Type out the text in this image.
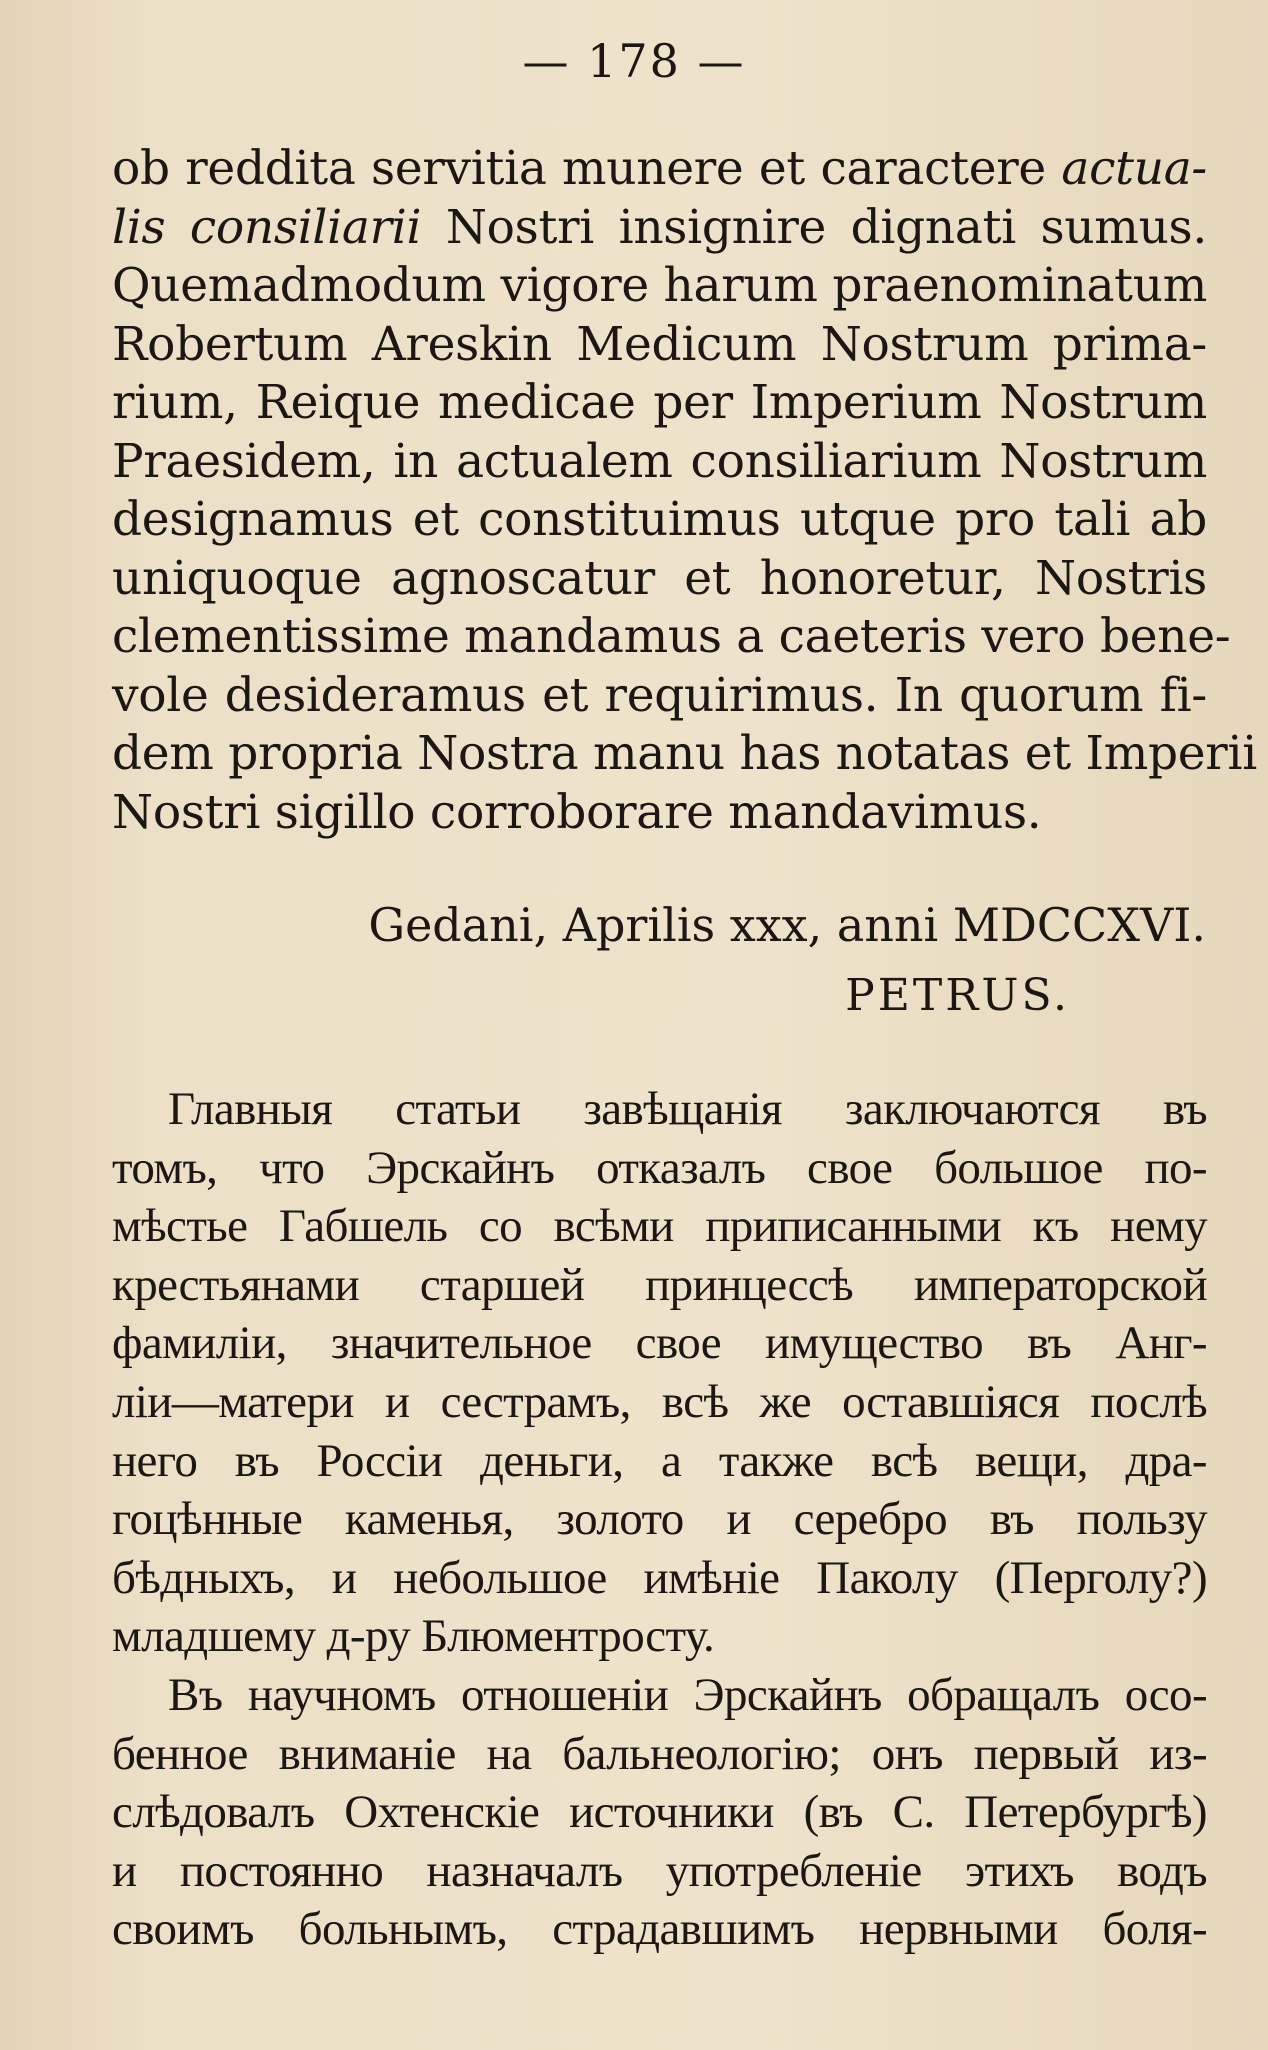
— 178 —
ob reddita servitia munere et caractere actua-
lis consiliarii Nostri insignire dignati sumus.
Quemadmodum vigore harum praenominatum
Robertum Areskin Medicum Nostrum prima-
rium, Reique medicae per Imperium Nostrum
Praesidem, in actualem consiliarium Nostrum
designamus et constituimus utque pro tali ab
uniquoque agnoscatur et honoretur, Nostris
clementissime mandamus a caeteris vero bene-
vole desideramus et requirimus. In quorum fi-
dem propria Nostra manu has notatas et Imperii
Nostri sigillo corroborare mandavimus.
Gedani, Aprilis xxx, anni MDCCXVI.
PETRUS.
Главныя статьи завѣщанія заключаются въ
томъ, что Эрскайнъ отказалъ свое большое по-
мѣстье Габшель со всѣми приписанными къ нему
крестьянами старшей принцессѣ императорской
фамиліи, значительное свое имущество въ Анг-
ліи—матери и сестрамъ, всѣ же оставшіяся послѣ
него въ Россіи деньги, а также всѣ вещи, дра-
гоцѣнные каменья, золото и серебро въ пользу
бѣдныхъ, и небольшое имѣніе Паколу (Перголу?)
младшему д-ру Блюментросту.
Въ научномъ отношеніи Эрскайнъ обращалъ осо-
бенное вниманіе на бальнеологію; онъ первый из-
слѣдовалъ Охтенскіе источники (въ С. Петербургѣ)
и постоянно назначалъ употребленіе этихъ водъ
своимъ больнымъ, страдавшимъ нервными боля-
